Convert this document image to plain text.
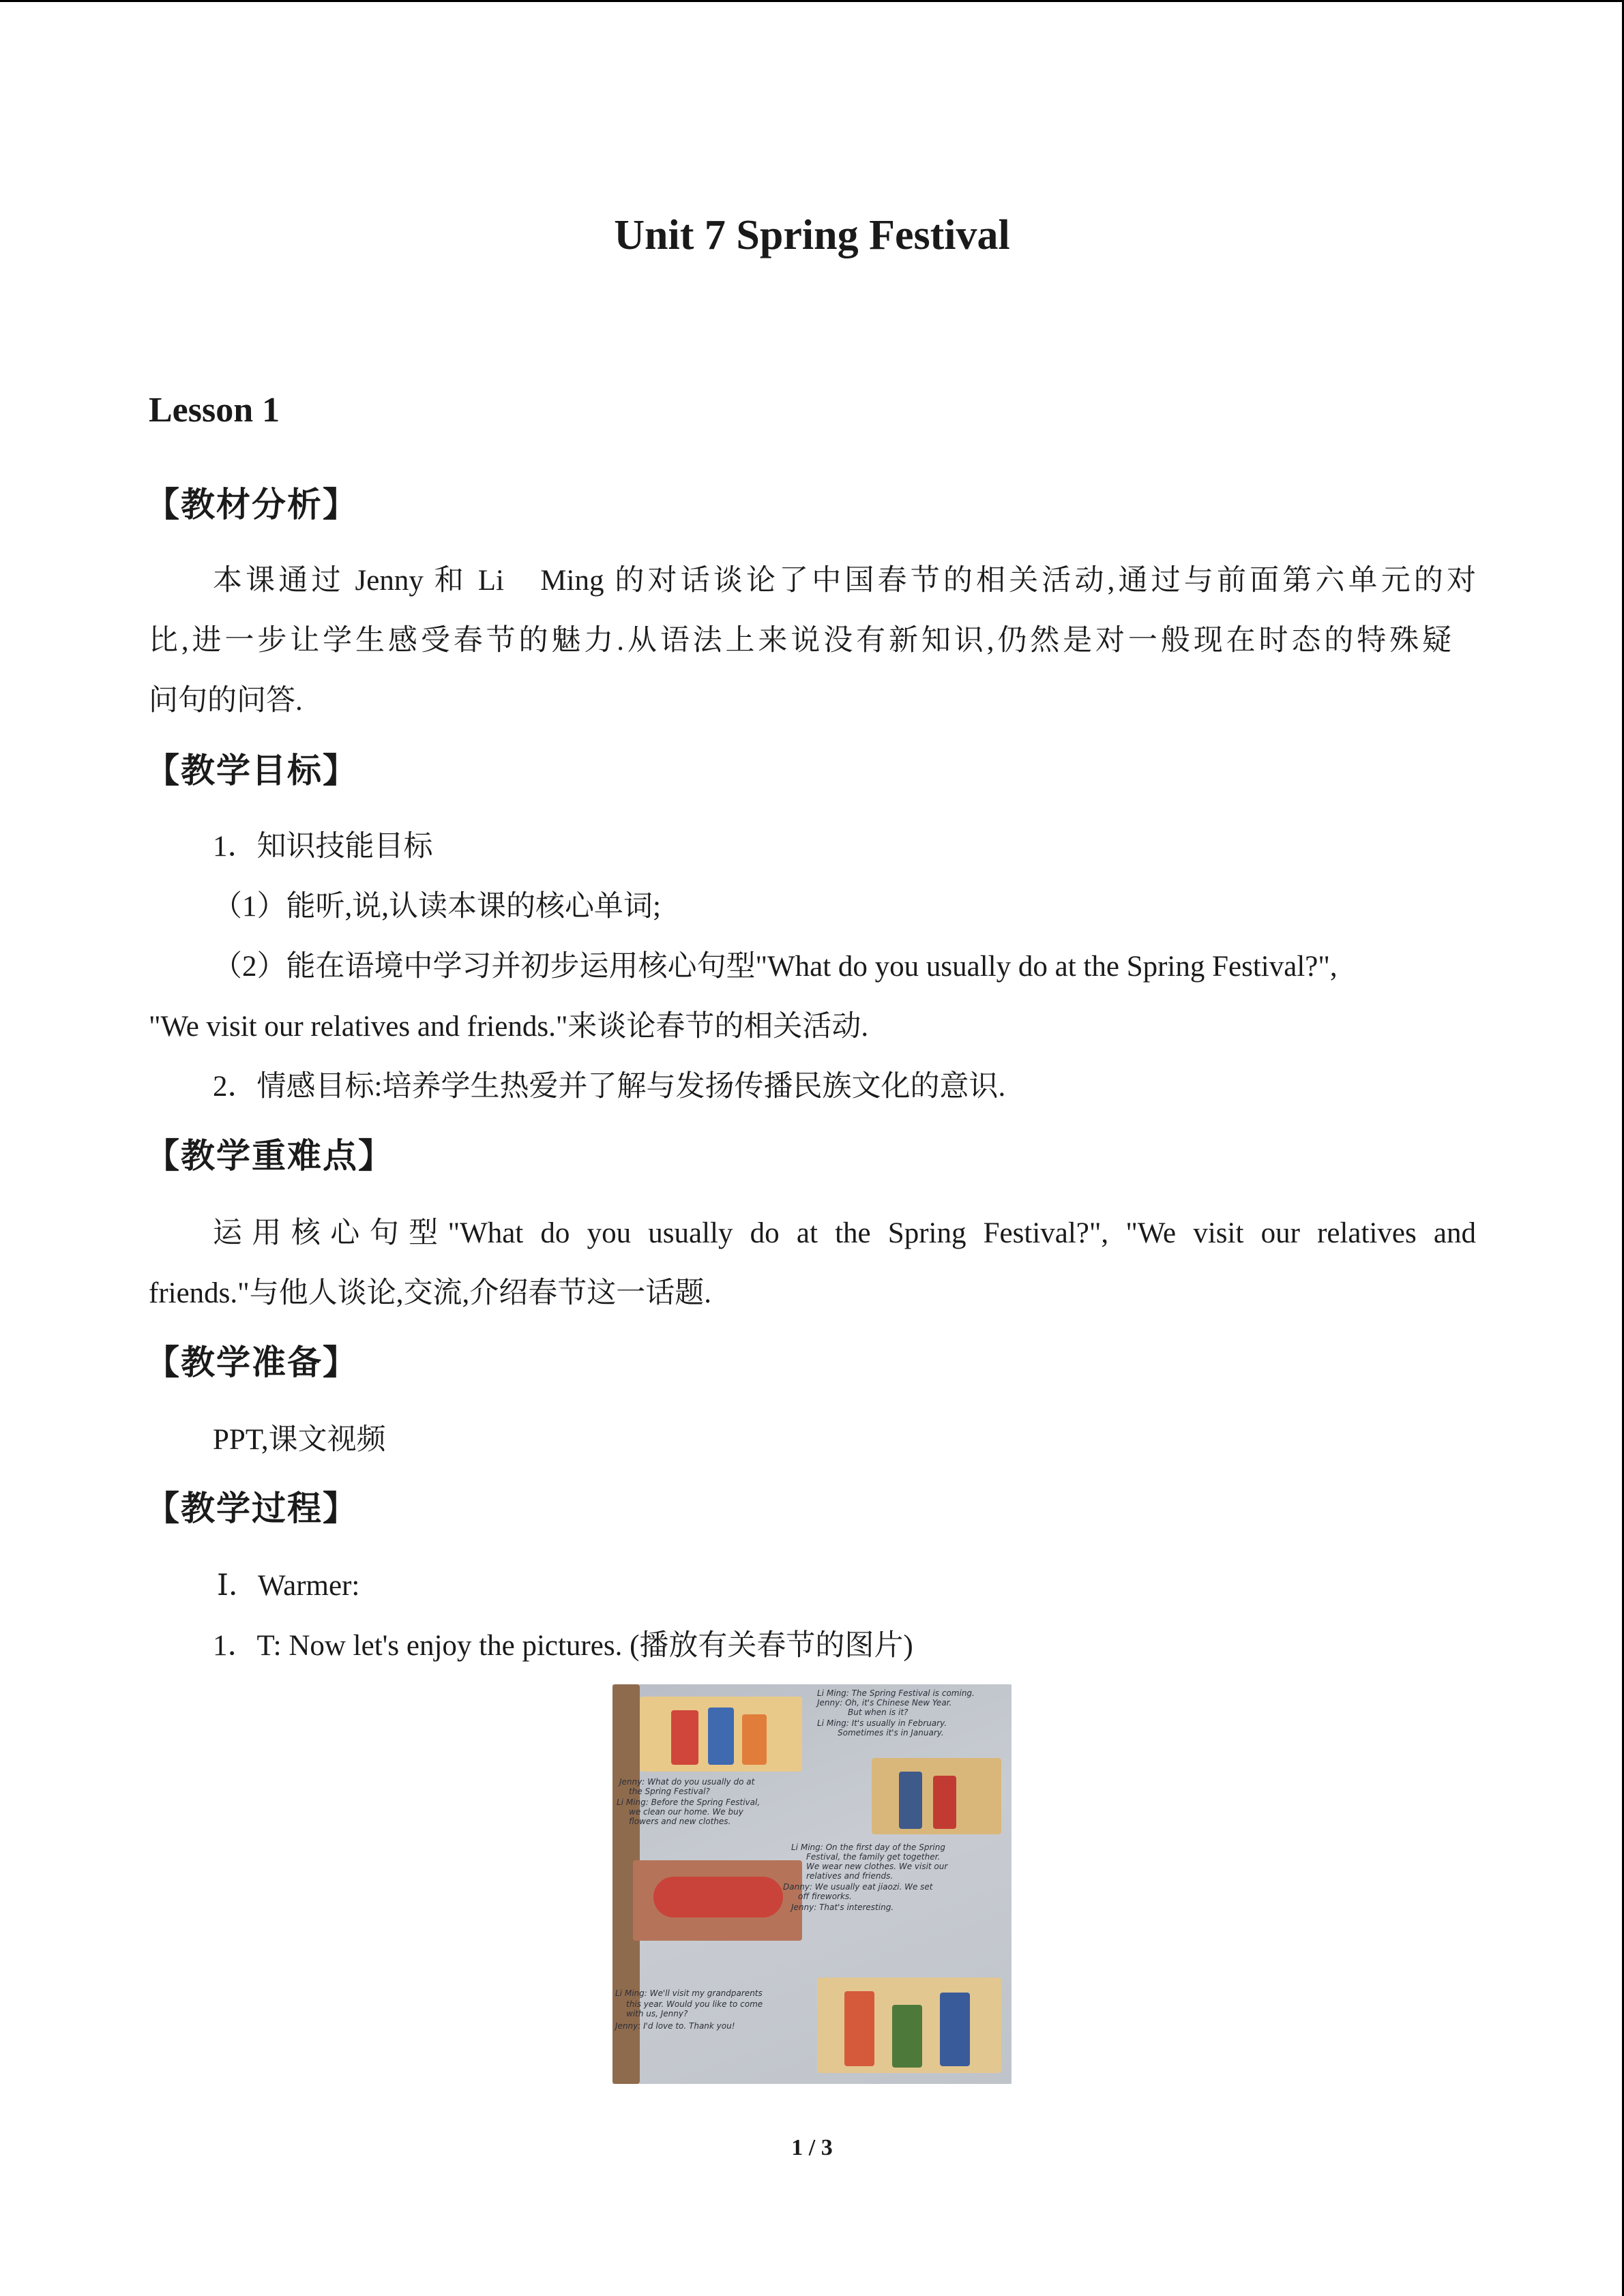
Unit 7 Spring Festival
Lesson 1
【教材分析】
本课通过 Jenny 和 Li　Ming 的对话谈论了中国春节的相关活动,通过与前面第六单元的对
比,进一步让学生感受春节的魅力.从语法上来说没有新知识,仍然是对一般现在时态的特殊疑
问句的问答.
【教学目标】
1．知识技能目标
（1）能听,说,认读本课的核心单词;
（2）能在语境中学习并初步运用核心句型"What do you usually do at the Spring Festival?",
"We visit our relatives and friends."来谈论春节的相关活动.
2．情感目标:培养学生热爱并了解与发扬传播民族文化的意识.
【教学重难点】
运用核心句型"What do you usually do at the Spring Festival?", "We visit our relatives and
friends."与他人谈论,交流,介绍春节这一话题.
【教学准备】
PPT,课文视频
【教学过程】
Ⅰ．Warmer:
1．T: Now let's enjoy the pictures. (播放有关春节的图片)
Li Ming: The Spring Festival is coming.
Jenny: Oh, it's Chinese New Year.
But when is it?
Li Ming: It's usually in February.
Sometimes it's in January.
Jenny: What do you usually do at
the Spring Festival?
Li Ming: Before the Spring Festival,
we clean our home. We buy
flowers and new clothes.
Li Ming: On the first day of the Spring
Festival, the family get together.
We wear new clothes. We visit our
relatives and friends.
Danny: We usually eat jiaozi. We set
off fireworks.
Jenny: That's interesting.
Li Ming: We'll visit my grandparents
this year. Would you like to come
with us, Jenny?
Jenny: I'd love to. Thank you!
1 / 3
